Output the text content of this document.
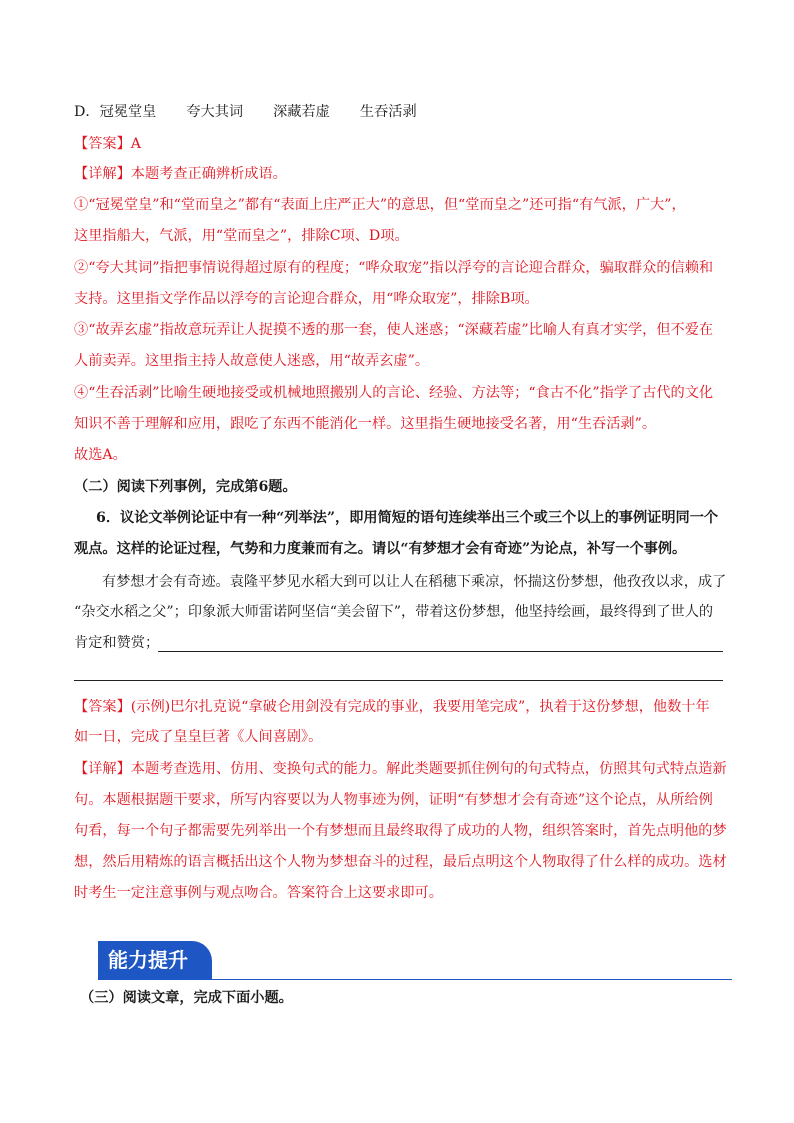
D．冠冕堂皇 夸大其词 深藏若虚 生吞活剥
【答案】A
【详解】本题考查正确辨析成语。
①“冠冕堂皇”和“堂而皇之”都有“表面上庄严正大”的意思，但“堂而皇之”还可指“有气派，广大”，
这里指船大，气派，用“堂而皇之”，排除C项、D项。
②“夸大其词”指把事情说得超过原有的程度；“哗众取宠”指以浮夸的言论迎合群众，骗取群众的信赖和
支持。这里指文学作品以浮夸的言论迎合群众，用“哗众取宠”，排除B项。
③“故弄玄虚”指故意玩弄让人捉摸不透的那一套，使人迷惑；“深藏若虚”比喻人有真才实学，但不爱在
人前卖弄。这里指主持人故意使人迷惑，用“故弄玄虚”。
④“生吞活剥”比喻生硬地接受或机械地照搬别人的言论、经验、方法等；“食古不化”指学了古代的文化
知识不善于理解和应用，跟吃了东西不能消化一样。这里指生硬地接受名著，用“生吞活剥”。
故选A。
（二）阅读下列事例，完成第6题。
6．议论文举例论证中有一种“列举法”，即用简短的语句连续举出三个或三个以上的事例证明同一个
观点。这样的论证过程，气势和力度兼而有之。请以“有梦想才会有奇迹”为论点，补写一个事例。
有梦想才会有奇迹。袁隆平梦见水稻大到可以让人在稻穗下乘凉，怀揣这份梦想，他孜孜以求，成了
“杂交水稻之父”；印象派大师雷诺阿坚信“美会留下”，带着这份梦想，他坚持绘画，最终得到了世人的
肯定和赞赏；
【答案】(示例)巴尔扎克说“拿破仑用剑没有完成的事业，我要用笔完成”，执着于这份梦想，他数十年
如一日，完成了皇皇巨著《人间喜剧》。
【详解】本题考查选用、仿用、变换句式的能力。解此类题要抓住例句的句式特点，仿照其句式特点造新
句。本题根据题干要求，所写内容要以为人物事迹为例，证明“有梦想才会有奇迹”这个论点，从所给例
句看，每一个句子都需要先列举出一个有梦想而且最终取得了成功的人物，组织答案时，首先点明他的梦
想，然后用精炼的语言概括出这个人物为梦想奋斗的过程，最后点明这个人物取得了什么样的成功。选材
时考生一定注意事例与观点吻合。答案符合上这要求即可。
能力提升
（三）阅读文章，完成下面小题。
